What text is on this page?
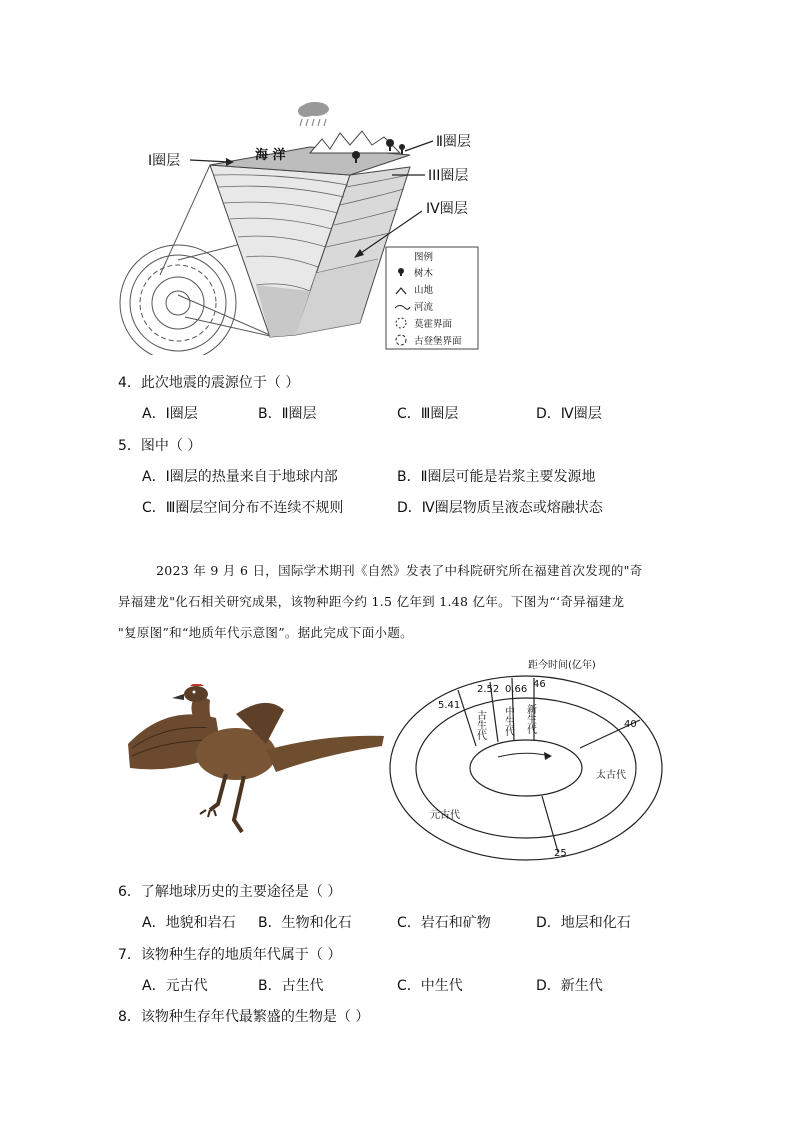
海 洋
I圈层
Ⅱ圈层
III圈层
IV圈层
图例
树木
山地
河流
莫霍界面
古登堡界面
4．此次地震的震源位于（ ）
A．I圈层	B．Ⅱ圈层	C．Ⅲ圈层	D．Ⅳ圈层
5．图中（ ）
A．I圈层的热量来自于地球内部	B．Ⅱ圈层可能是岩浆主要发源地
C．Ⅲ圈层空间分布不连续不规则	D．Ⅳ圈层物质呈液态或熔融状态
2023 年 9 月 6 日，国际学术期刊《自然》发表了中科院研究所在福建首次发现的"奇
异福建龙"化石相关研究成果，该物种距今约 1.5 亿年到 1.48 亿年。下图为“‘奇异福建龙
"复原图”和“地质年代示意图”。据此完成下面小题。
距今时间(亿年)
0.66
2.52
5.41
46
40
25
新生代
中生代
古生代
太古代
元古代
6．了解地球历史的主要途径是（ ）
A．地貌和岩石 B．生物和化石	C．岩石和矿物	D．地层和化石
7．该物种生存的地质年代属于（ ）
A．元古代	B．古生代	C．中生代	D．新生代
8．该物种生存年代最繁盛的生物是（ ）
